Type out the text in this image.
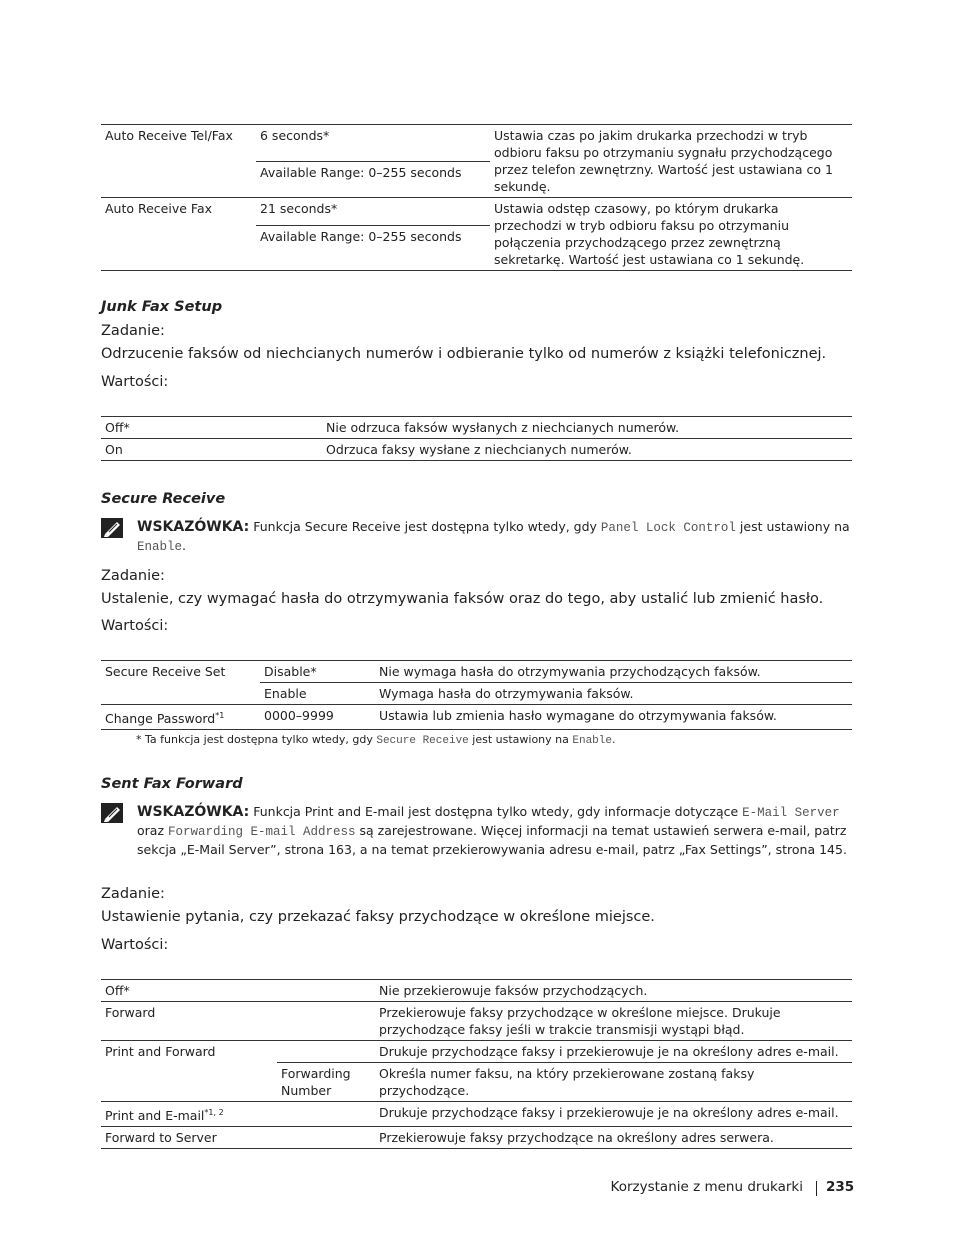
Auto Receive Tel/Fax	6 seconds*	Ustawia czas po jakim drukarka przechodzi w tryb odbioru faksu po otrzymaniu sygnału przychodzącego przez telefon zewnętrzny. Wartość jest ustawiana co 1 sekundę.
	Available Range: 0–255 seconds	
Auto Receive Fax	21 seconds*	Ustawia odstęp czasowy, po którym drukarka przechodzi w tryb odbioru faksu po otrzymaniu połączenia przychodzącego przez zewnętrzną sekretarkę. Wartość jest ustawiana co 1 sekundę.
	Available Range: 0–255 seconds	
Junk Fax Setup
Zadanie:
Odrzucenie faksów od niechcianych numerów i odbieranie tylko od numerów z książki telefonicznej.
Wartości:
Off*	Nie odrzuca faksów wysłanych z niechcianych numerów.
On	Odrzuca faksy wysłane z niechcianych numerów.
Secure Receive
WSKAZÓWKA: Funkcja Secure Receive jest dostępna tylko wtedy, gdy Panel Lock Control jest ustawiony na Enable.
Zadanie:
Ustalenie, czy wymagać hasła do otrzymywania faksów oraz do tego, aby ustalić lub zmienić hasło.
Wartości:
Secure Receive Set	Disable*	Nie wymaga hasła do otrzymywania przychodzących faksów.
	Enable	Wymaga hasła do otrzymywania faksów.
Change Password$^{*1}$	0000–9999	Ustawia lub zmienia hasło wymagane do otrzymywania faksów.
* Ta funkcja jest dostępna tylko wtedy, gdy Secure Receive jest ustawiony na Enable.
Sent Fax Forward
WSKAZÓWKA: Funkcja Print and E-mail jest dostępna tylko wtedy, gdy informacje dotyczące E-Mail Server
oraz Forwarding E-mail Address są zarejestrowane. Więcej informacji na temat ustawień serwera e-mail, patrz sekcja „E-Mail Server”, strona 163, a na temat przekierowywania adresu e-mail, patrz „Fax Settings”, strona 145.
Zadanie:
Ustawienie pytania, czy przekazać faksy przychodzące w określone miejsce.
Wartości:
Off*		Nie przekierowuje faksów przychodzących.
Forward		Przekierowuje faksy przychodzące w określone miejsce. Drukuje przychodzące faksy jeśli w trakcie transmisji wystąpi błąd.
Print and Forward		Drukuje przychodzące faksy i przekierowuje je na określony adres e-mail.
	Forwarding Number	Określa numer faksu, na który przekierowane zostaną faksy przychodzące.
Print and E-mail$^{*1, 2}$		Drukuje przychodzące faksy i przekierowuje je na określony adres e-mail.
Forward to Server		Przekierowuje faksy przychodzące na określony adres serwera.
Korzystanie z menu drukarki 235
